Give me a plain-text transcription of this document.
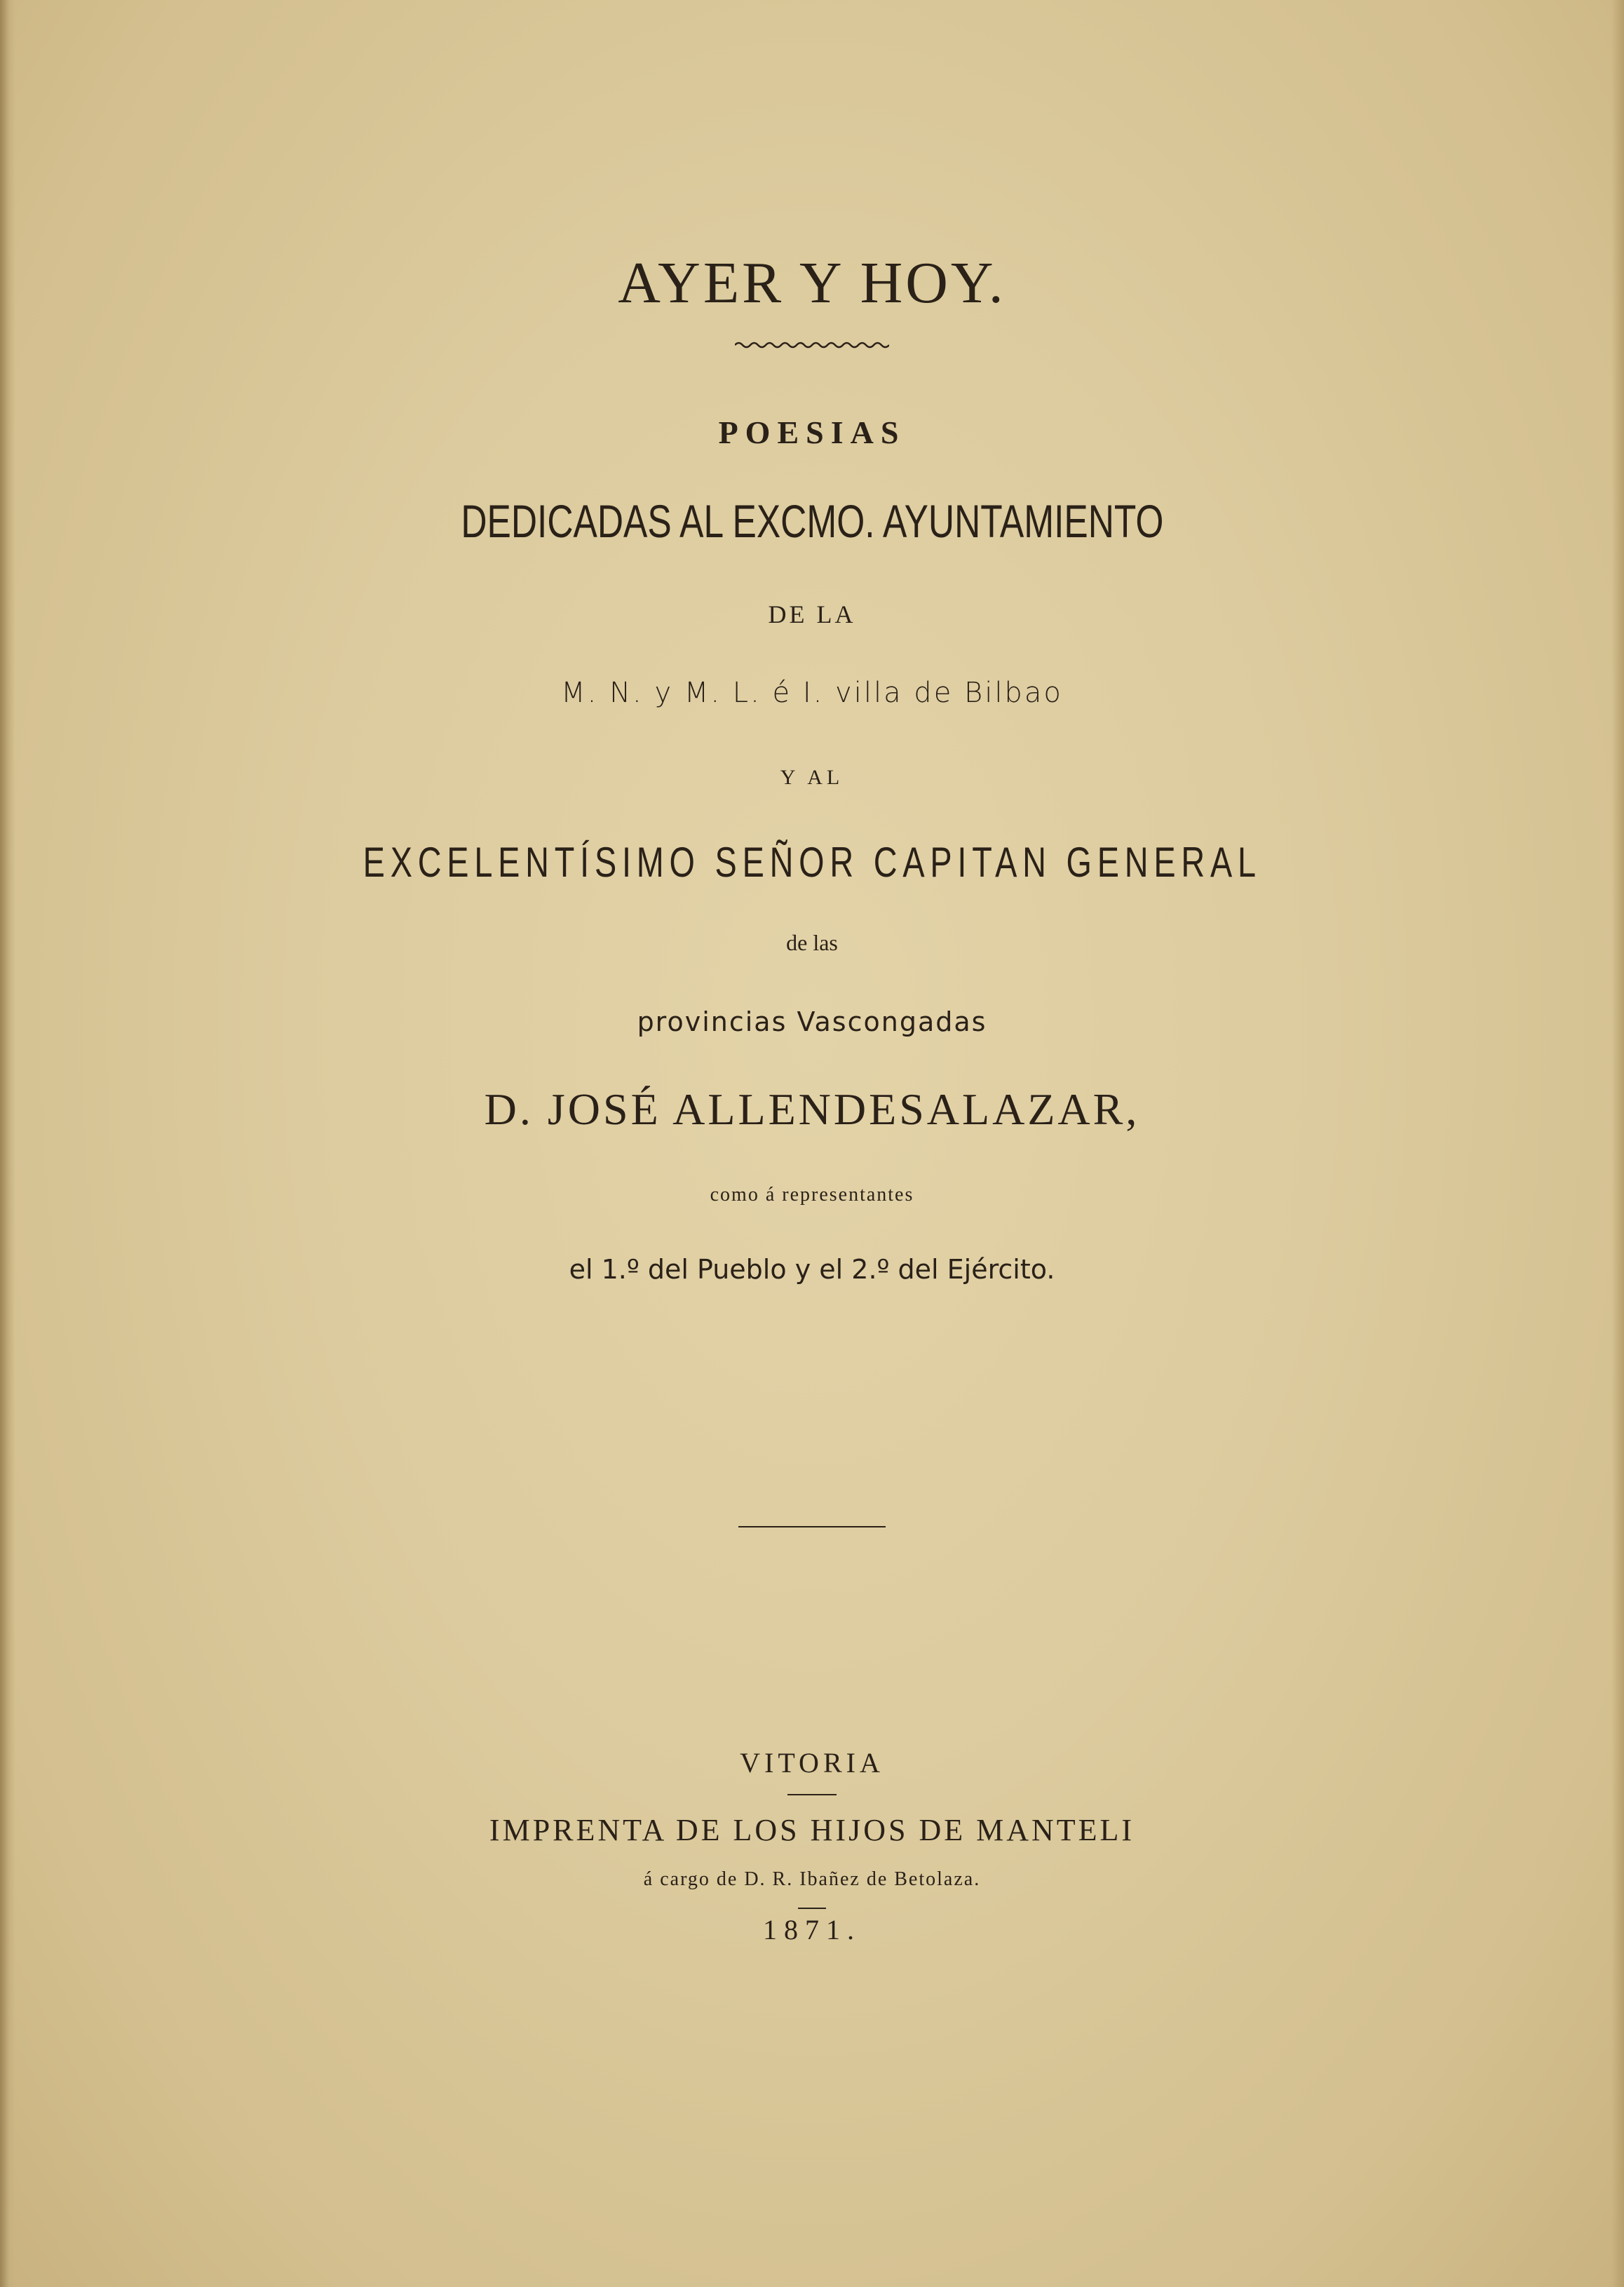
AYER Y HOY.
POESIAS
DEDICADAS AL EXCMO. AYUNTAMIENTO
DE LA
M. N. y M. L. é I. villa de Bilbao
Y AL
EXCELENTÍSIMO SEÑOR CAPITAN GENERAL
de las
provincias Vascongadas
D. JOSÉ ALLENDESALAZAR,
como á representantes
el 1.º del Pueblo y el 2.º del Ejército.
VITORIA
IMPRENTA DE LOS HIJOS DE MANTELI
á cargo de D. R. Ibañez de Betolaza.
1871.
